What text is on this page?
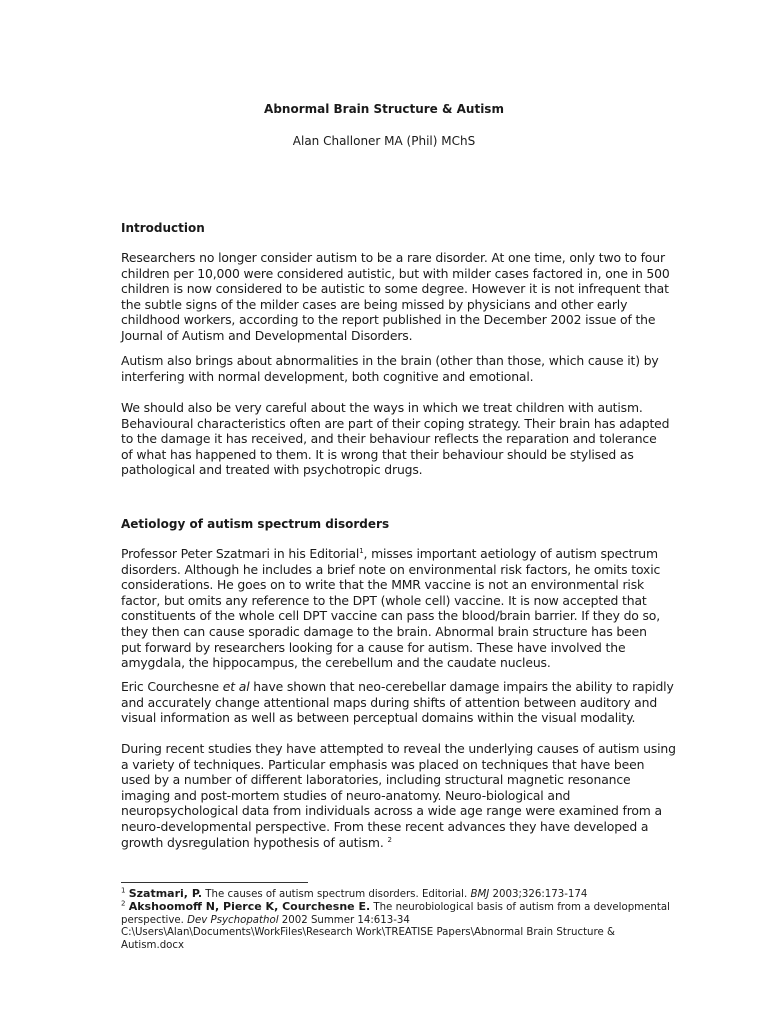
Abnormal Brain Structure & Autism
Alan Challoner MA (Phil) MChS
Introduction
Researchers no longer consider autism to be a rare disorder. At one time, only two to four
children per 10,000 were considered autistic, but with milder cases factored in, one in 500
children is now considered to be autistic to some degree. However it is not infrequent that
the subtle signs of the milder cases are being missed by physicians and other early
childhood workers, according to the report published in the December 2002 issue of the
Journal of Autism and Developmental Disorders.
Autism also brings about abnormalities in the brain (other than those, which cause it) by
interfering with normal development, both cognitive and emotional.
We should also be very careful about the ways in which we treat children with autism.
Behavioural characteristics often are part of their coping strategy. Their brain has adapted
to the damage it has received, and their behaviour reflects the reparation and tolerance
of what has happened to them. It is wrong that their behaviour should be stylised as
pathological and treated with psychotropic drugs.
Aetiology of autism spectrum disorders
Professor Peter Szatmari in his Editorial$^1$, misses important aetiology of autism spectrum
disorders. Although he includes a brief note on environmental risk factors, he omits toxic
considerations. He goes on to write that the MMR vaccine is not an environmental risk
factor, but omits any reference to the DPT (whole cell) vaccine. It is now accepted that
constituents of the whole cell DPT vaccine can pass the blood/brain barrier. If they do so,
they then can cause sporadic damage to the brain. Abnormal brain structure has been
put forward by researchers looking for a cause for autism. These have involved the
amygdala, the hippocampus, the cerebellum and the caudate nucleus.
Eric Courchesne et al have shown that neo-cerebellar damage impairs the ability to rapidly
and accurately change attentional maps during shifts of attention between auditory and
visual information as well as between perceptual domains within the visual modality.
During recent studies they have attempted to reveal the underlying causes of autism using
a variety of techniques. Particular emphasis was placed on techniques that have been
used by a number of different laboratories, including structural magnetic resonance
imaging and post-mortem studies of neuro-anatomy. Neuro-biological and
neuropsychological data from individuals across a wide age range were examined from a
neuro-developmental perspective. From these recent advances they have developed a
growth dysregulation hypothesis of autism. $^2$
$^1$ Szatmari, P. The causes of autism spectrum disorders. Editorial. BMJ 2003;326:173-174
$^2$ Akshoomoff N, Pierce K, Courchesne E. The neurobiological basis of autism from a developmental
perspective. Dev Psychopathol 2002 Summer 14:613-34
C:\Users\Alan\Documents\WorkFiles\Research Work\TREATISE Papers\Abnormal Brain Structure &
Autism.docx
